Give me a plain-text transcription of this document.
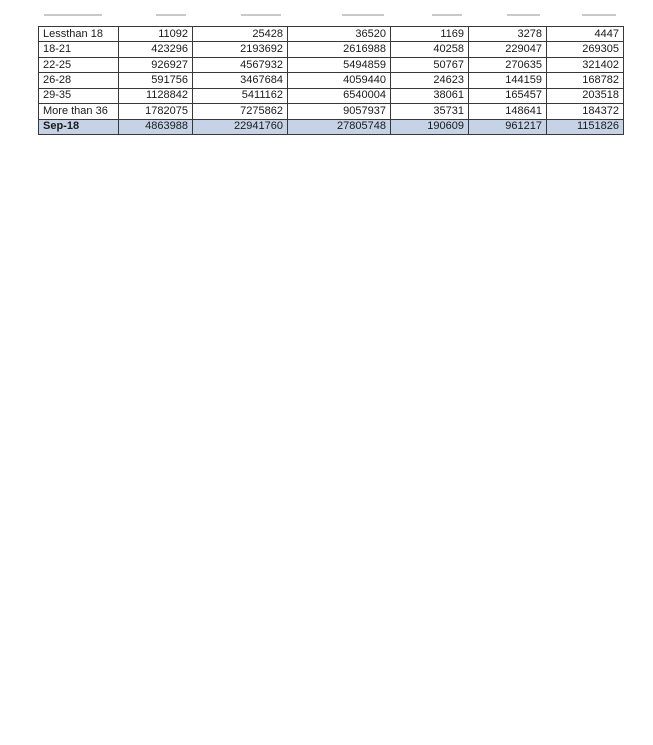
Lessthan 18	11092	25428	36520	1169	3278	4447
18-21	423296	2193692	2616988	40258	229047	269305
22-25	926927	4567932	5494859	50767	270635	321402
26-28	591756	3467684	4059440	24623	144159	168782
29-35	1128842	5411162	6540004	38061	165457	203518
More than 36	1782075	7275862	9057937	35731	148641	184372
Sep-18	4863988	22941760	27805748	190609	961217	1151826
